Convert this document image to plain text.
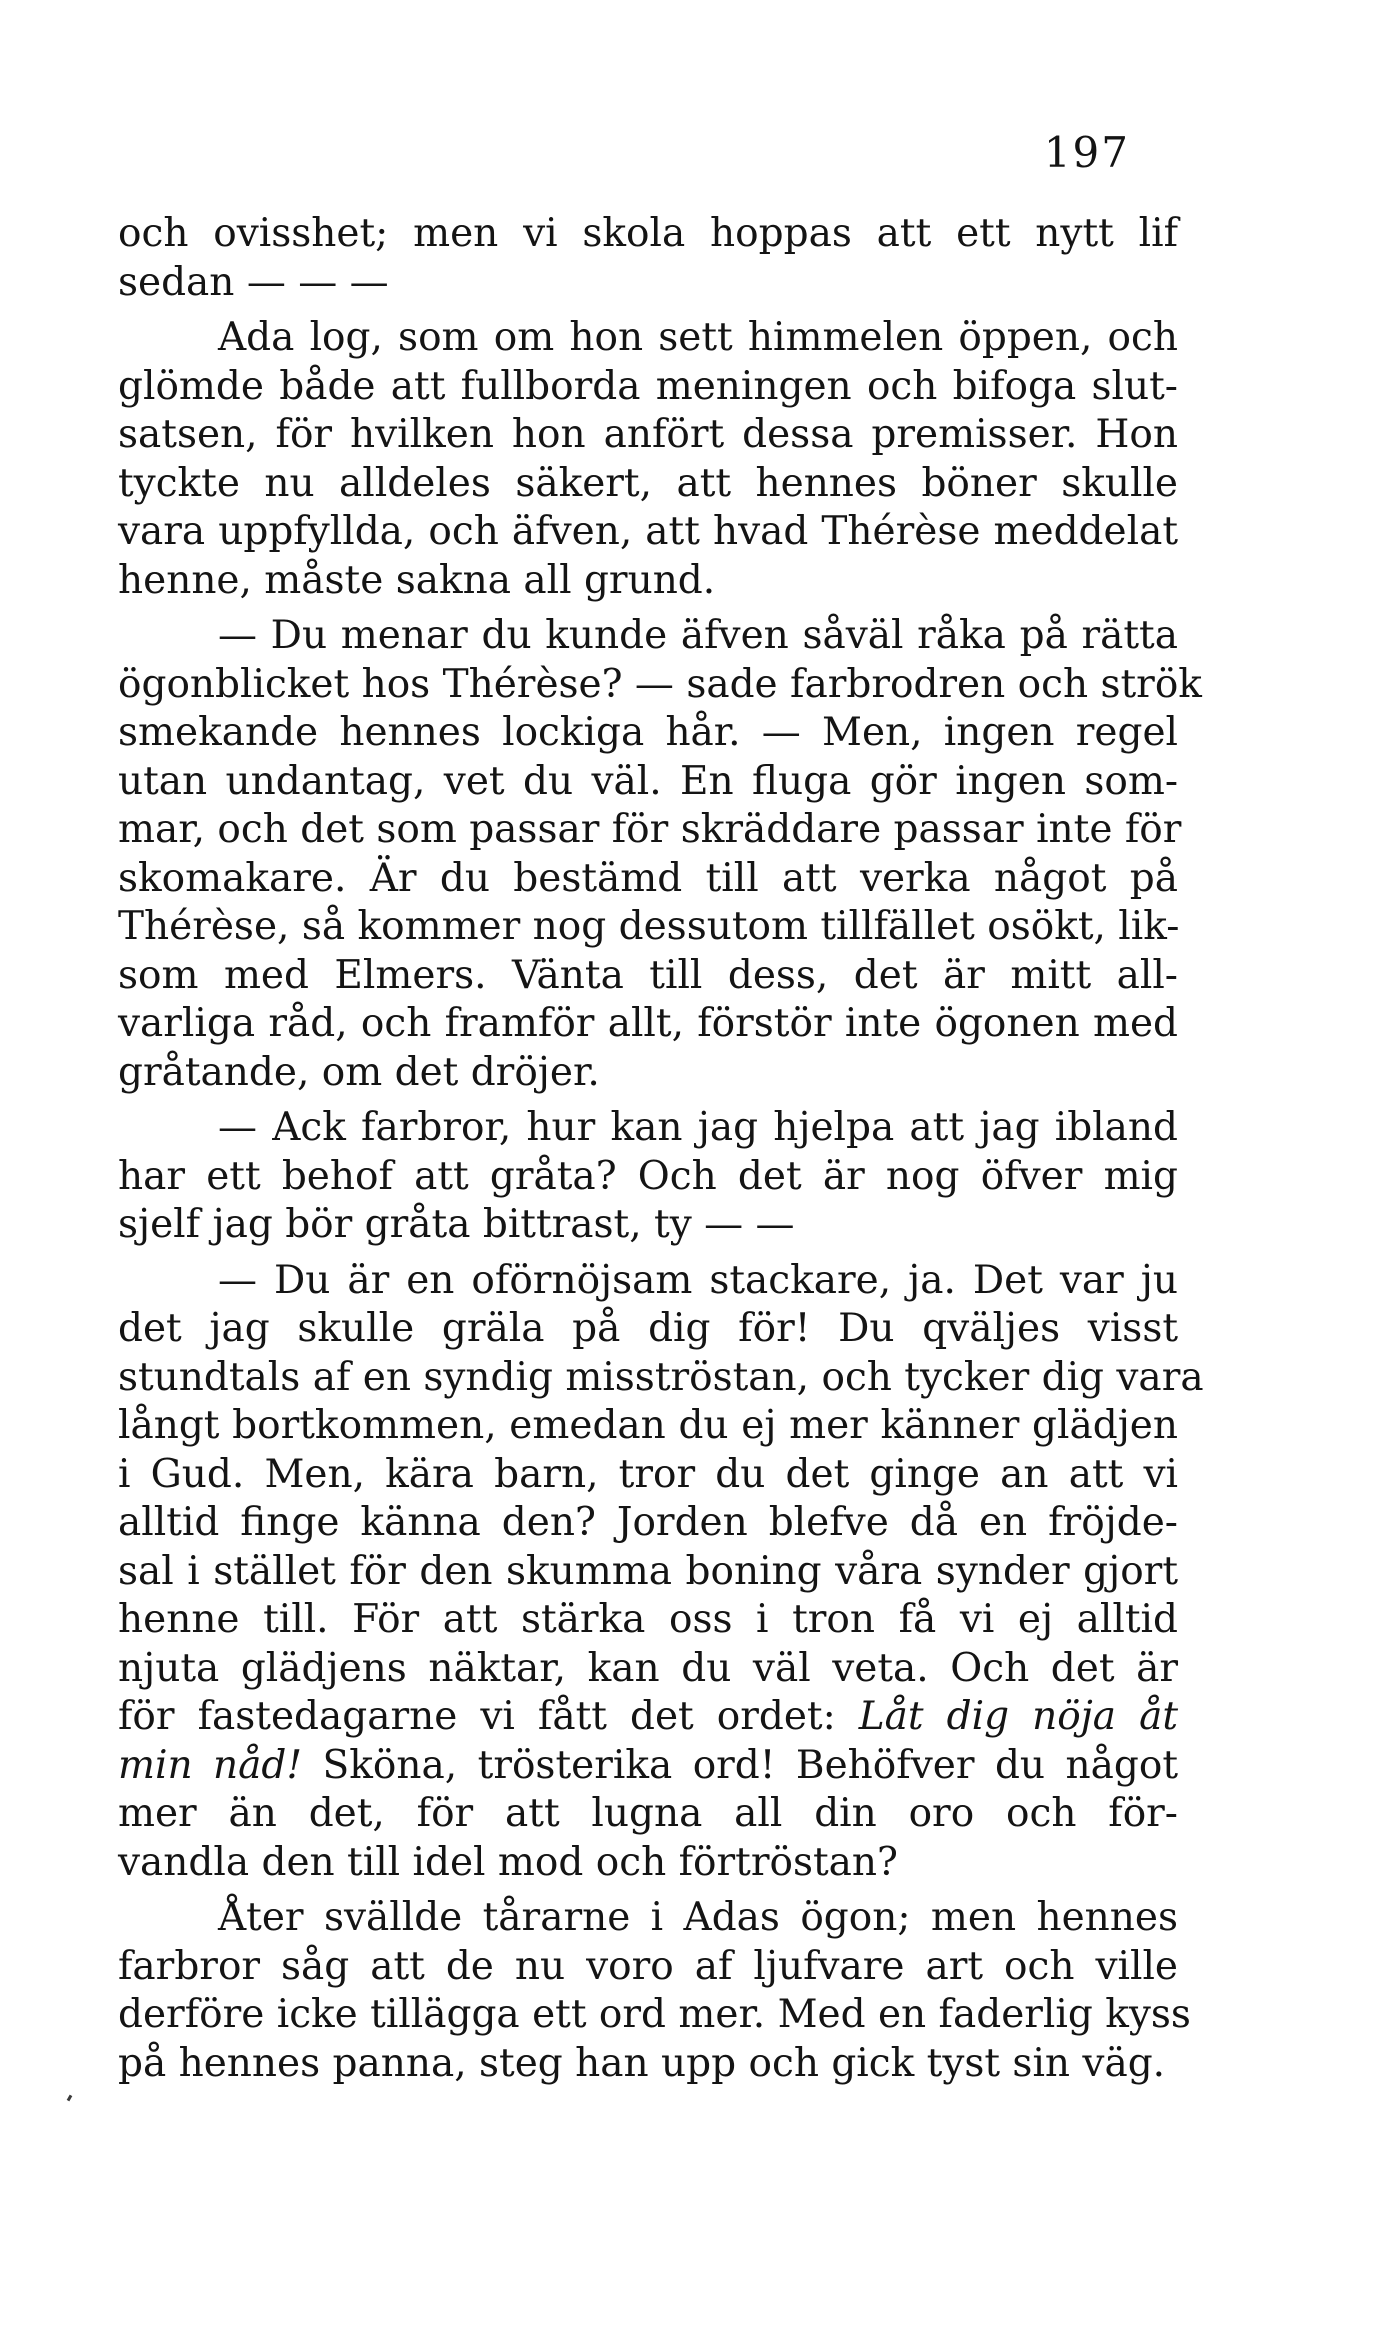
197
och ovisshet; men vi skola hoppas att ett nytt lif
sedan — — —
Ada log, som om hon sett himmelen öppen, och
glömde både att fullborda meningen och bifoga slut-
satsen, för hvilken hon anfört dessa premisser. Hon
tyckte nu alldeles säkert, att hennes böner skulle
vara uppfyllda, och äfven, att hvad Thérèse meddelat
henne, måste sakna all grund.
— Du menar du kunde äfven såväl råka på rätta
ögonblicket hos Thérèse? — sade farbrodren och strök
smekande hennes lockiga hår. — Men, ingen regel
utan undantag, vet du väl. En fluga gör ingen som-
mar, och det som passar för skräddare passar inte för
skomakare. Är du bestämd till att verka något på
Thérèse, så kommer nog dessutom tillfället osökt, lik-
som med Elmers. Vänta till dess, det är mitt all-
varliga råd, och framför allt, förstör inte ögonen med
gråtande, om det dröjer.
— Ack farbror, hur kan jag hjelpa att jag ibland
har ett behof att gråta? Och det är nog öfver mig
sjelf jag bör gråta bittrast, ty — —
— Du är en oförnöjsam stackare, ja. Det var ju
det jag skulle gräla på dig för! Du qväljes visst
stundtals af en syndig misströstan, och tycker dig vara
långt bortkommen, emedan du ej mer känner glädjen
i Gud. Men, kära barn, tror du det ginge an att vi
alltid finge känna den? Jorden blefve då en fröjde-
sal i stället för den skumma boning våra synder gjort
henne till. För att stärka oss i tron få vi ej alltid
njuta glädjens näktar, kan du väl veta. Och det är
för fastedagarne vi fått det ordet: Låt dig nöja åt
min nåd! Sköna, trösterika ord! Behöfver du något
mer än det, för att lugna all din oro och för-
vandla den till idel mod och förtröstan?
Åter svällde tårarne i Adas ögon; men hennes
farbror såg att de nu voro af ljufvare art och ville
derföre icke tillägga ett ord mer. Med en faderlig kyss
på hennes panna, steg han upp och gick tyst sin väg.
